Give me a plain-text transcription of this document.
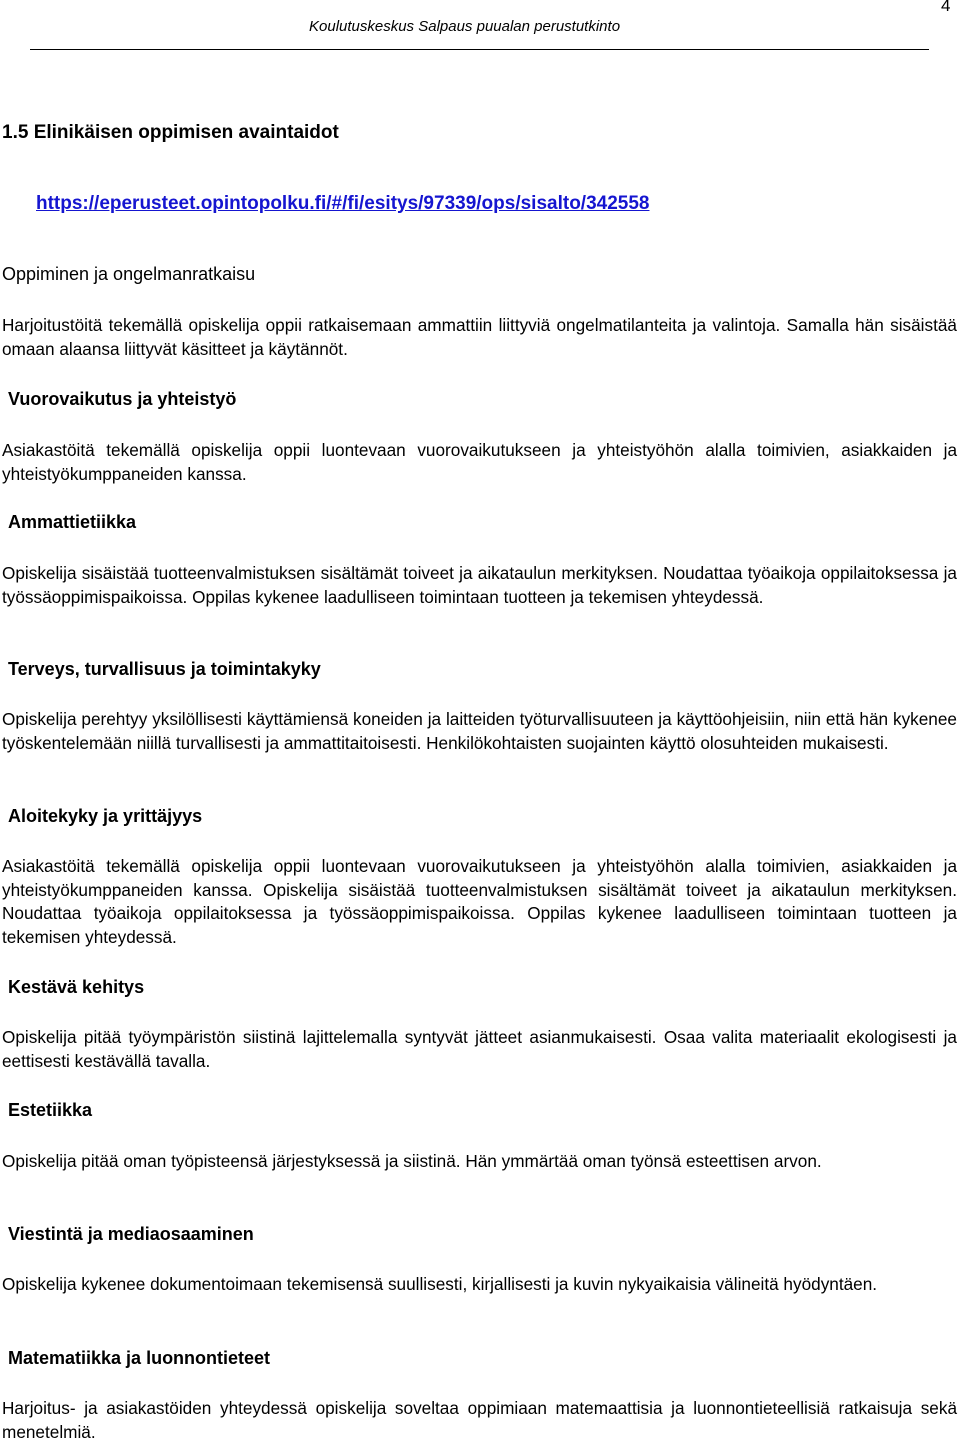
4
Koulutuskeskus Salpaus puualan perustutkinto
1.5 Elinikäisen oppimisen avaintaidot
https://eperusteet.opintopolku.fi/#/fi/esitys/97339/ops/sisalto/342558
Oppiminen ja ongelmanratkaisu

Harjoitustöitä tekemällä opiskelija oppii ratkaisemaan ammattiin liittyviä ongelmatilanteita ja valintoja. Samalla hän sisäistää omaan alaansa liittyvät käsitteet ja käytännöt.

Vuorovaikutus ja yhteistyö

Asiakastöitä tekemällä opiskelija oppii luontevaan vuorovaikutukseen ja yhteistyöhön alalla toimivien, asiakkaiden ja yhteistyökumppaneiden kanssa.

Ammattietiikka

Opiskelija sisäistää tuotteenvalmistuksen sisältämät toiveet ja aikataulun merkityksen. Noudattaa työaikoja oppilaitoksessa ja työssäoppimispaikoissa. Oppilas kykenee laadulliseen toimintaan tuotteen ja tekemisen yhteydessä.

Terveys, turvallisuus ja toimintakyky

Opiskelija perehtyy yksilöllisesti käyttämiensä koneiden ja laitteiden työturvallisuuteen ja käyttöohjeisiin, niin että hän kykenee työskentelemään niillä turvallisesti ja ammattitaitoisesti. Henkilökohtaisten suojainten käyttö olosuhteiden mukaisesti.

Aloitekyky ja yrittäjyys

Asiakastöitä tekemällä opiskelija oppii luontevaan vuorovaikutukseen ja yhteistyöhön alalla toimivien, asiakkaiden ja yhteistyökumppaneiden kanssa. Opiskelija sisäistää tuotteenvalmistuksen sisältämät toiveet ja aikataulun merkityksen. Noudattaa työaikoja oppilaitoksessa ja työssäoppimispaikoissa. Oppilas kykenee laadulliseen toimintaan tuotteen ja tekemisen yhteydessä.

Kestävä kehitys

Opiskelija pitää työympäristön siistinä lajittelemalla syntyvät jätteet asianmukaisesti. Osaa valita materiaalit ekologisesti ja eettisesti kestävällä tavalla.

Estetiikka

Opiskelija pitää oman työpisteensä järjestyksessä ja siistinä. Hän ymmärtää oman työnsä esteettisen arvon.

Viestintä ja mediaosaaminen

Opiskelija kykenee dokumentoimaan tekemisensä suullisesti, kirjallisesti ja kuvin nykyaikaisia välineitä hyödyntäen.

Matematiikka ja luonnontieteet

Harjoitus- ja asiakastöiden yhteydessä opiskelija soveltaa oppimiaan matemaattisia ja luonnontieteellisiä ratkaisuja sekä menetelmiä.
